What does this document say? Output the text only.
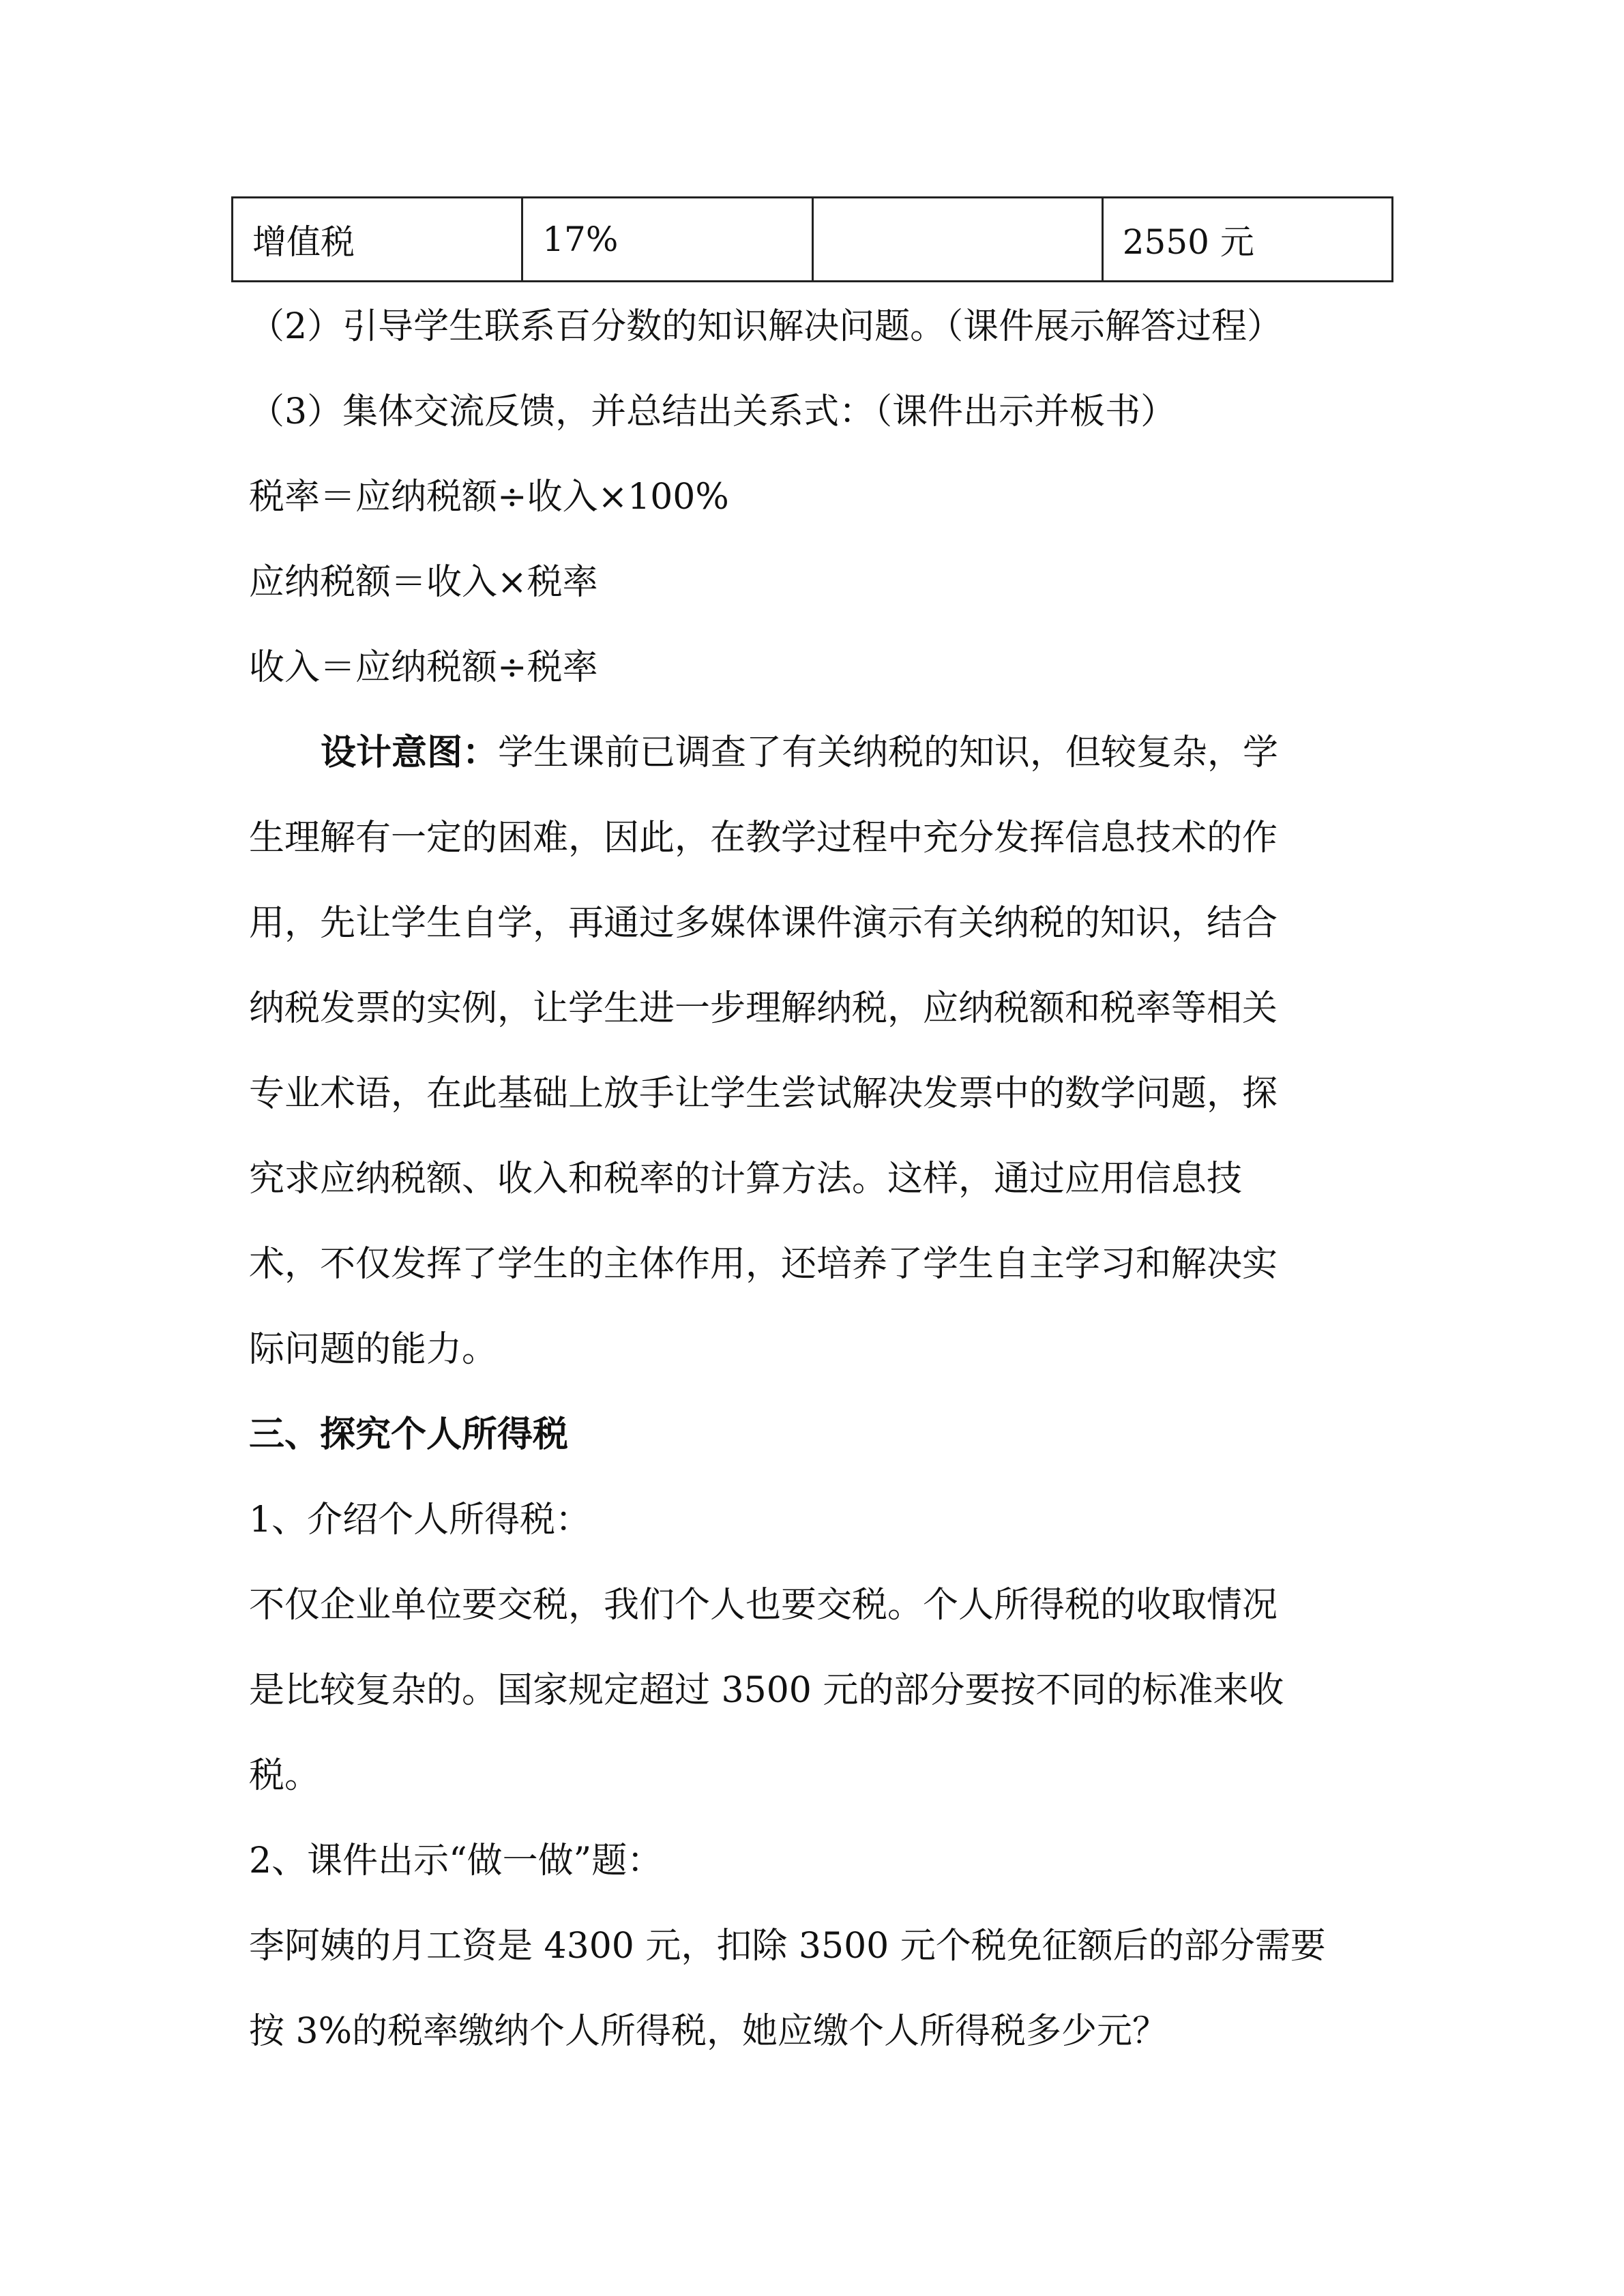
增值税	17%		2550 元
（2）引导学生联系百分数的知识解决问题。（课件展示解答过程）
（3）集体交流反馈，并总结出关系式：（课件出示并板书）
税率＝应纳税额÷收入×100%
应纳税额＝收入×税率
收入＝应纳税额÷税率
设计意图：学生课前已调查了有关纳税的知识，但较复杂，学
生理解有一定的困难，因此，在教学过程中充分发挥信息技术的作
用，先让学生自学，再通过多媒体课件演示有关纳税的知识，结合
纳税发票的实例，让学生进一步理解纳税，应纳税额和税率等相关
专业术语，在此基础上放手让学生尝试解决发票中的数学问题，探
究求应纳税额、收入和税率的计算方法。这样，通过应用信息技
术，不仅发挥了学生的主体作用，还培养了学生自主学习和解决实
际问题的能力。
三、探究个人所得税
1、介绍个人所得税：
不仅企业单位要交税，我们个人也要交税。个人所得税的收取情况
是比较复杂的。国家规定超过 3500 元的部分要按不同的标准来收
税。
2、课件出示“做一做”题：
李阿姨的月工资是 4300 元，扣除 3500 元个税免征额后的部分需要
按 3%的税率缴纳个人所得税，她应缴个人所得税多少元？
